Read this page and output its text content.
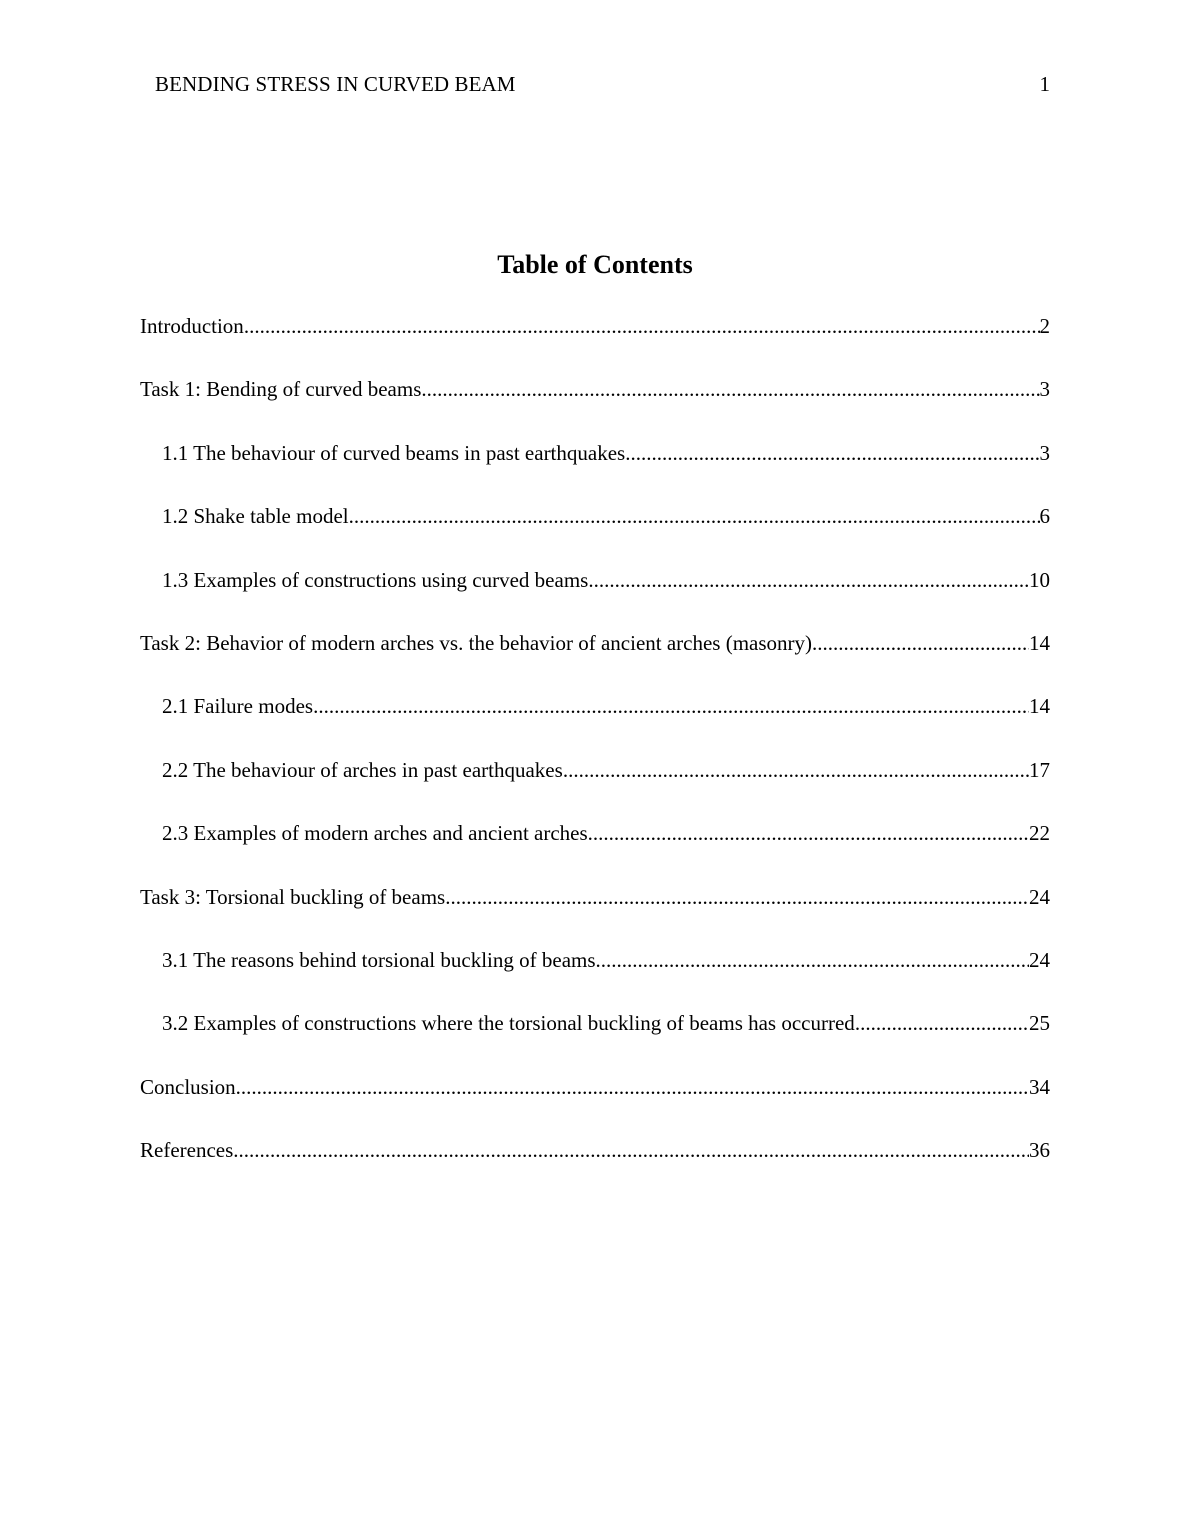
BENDING STRESS IN CURVED BEAM	1
Table of Contents
Introduction .....	2
Task 1: Bending of curved beams .....	3
1.1 The behaviour of curved beams in past earthquakes .....	3
1.2 Shake table model .....	6
1.3 Examples of constructions using curved beams .....	10
Task 2: Behavior of modern arches vs. the behavior of ancient arches (masonry) .....	14
2.1 Failure modes .....	14
2.2 The behaviour of arches in past earthquakes .....	17
2.3 Examples of modern arches and ancient arches .....	22
Task 3: Torsional buckling of beams .....	24
3.1 The reasons behind torsional buckling of beams .....	24
3.2 Examples of constructions where the torsional buckling of beams has occurred .....	25
Conclusion .....	34
References .....	36
